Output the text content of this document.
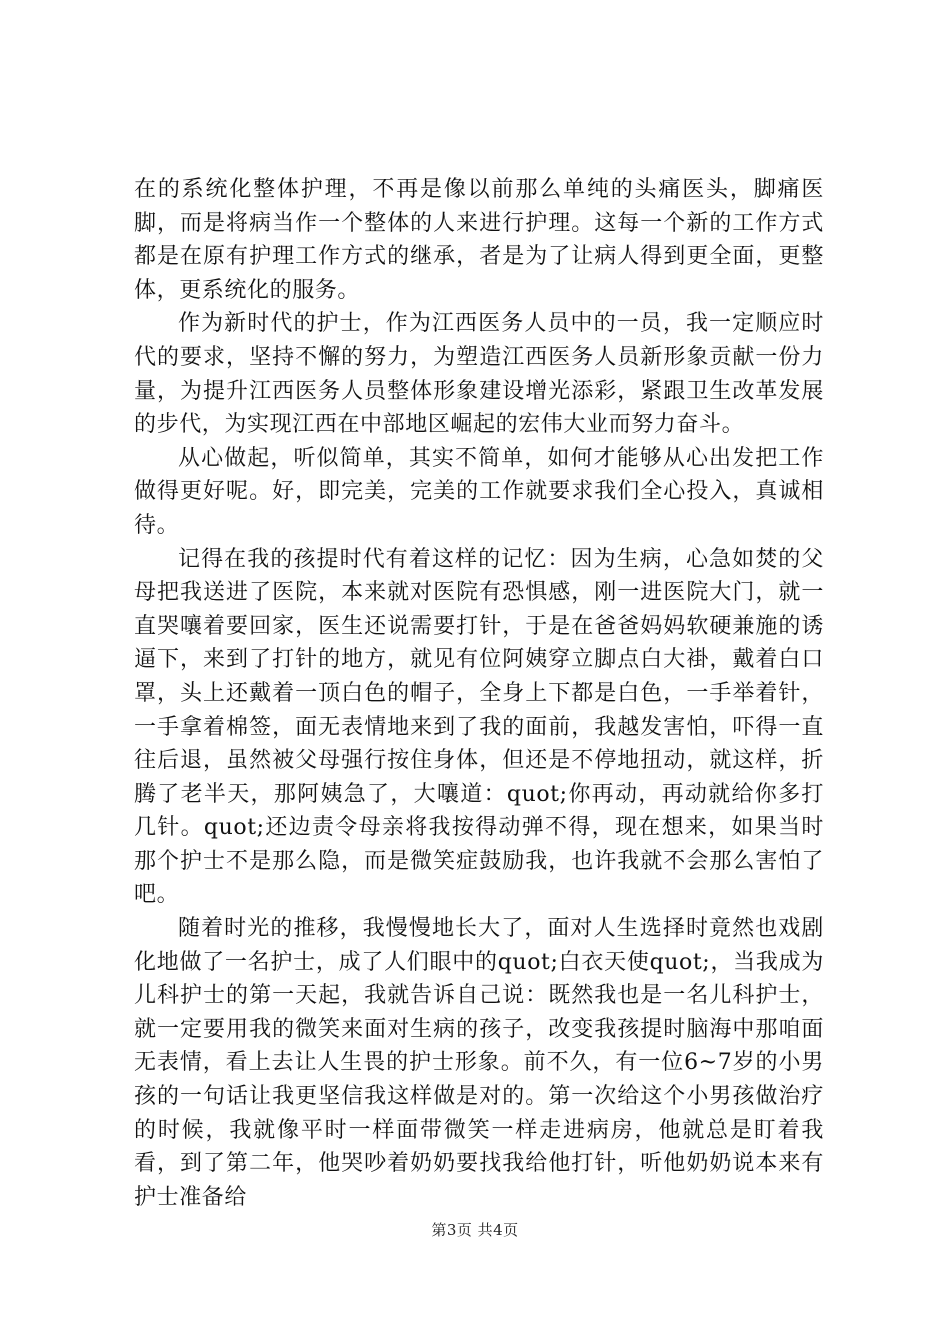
在的系统化整体护理，不再是像以前那么单纯的头痛医头，脚痛医脚，而是将病当作一个整体的人来进行护理。这每一个新的工作方式都是在原有护理工作方式的继承，者是为了让病人得到更全面，更整体，更系统化的服务。

作为新时代的护士，作为江西医务人员中的一员，我一定顺应时代的要求，坚持不懈的努力，为塑造江西医务人员新形象贡献一份力量，为提升江西医务人员整体形象建设增光添彩，紧跟卫生改革发展的步代，为实现江西在中部地区崛起的宏伟大业而努力奋斗。

从心做起，听似简单，其实不简单，如何才能够从心出发把工作做得更好呢。好，即完美，完美的工作就要求我们全心投入，真诚相待。

记得在我的孩提时代有着这样的记忆：因为生病，心急如焚的父母把我送进了医院，本来就对医院有恐惧感，刚一进医院大门，就一直哭嚷着要回家，医生还说需要打针，于是在爸爸妈妈软硬兼施的诱逼下，来到了打针的地方，就见有位阿姨穿立脚点白大褂，戴着白口罩，头上还戴着一顶白色的帽子，全身上下都是白色，一手举着针，一手拿着棉签，面无表情地来到了我的面前，我越发害怕，吓得一直往后退，虽然被父母强行按住身体，但还是不停地扭动，就这样，折腾了老半天，那阿姨急了，大嚷道：quot;你再动，再动就给你多打几针。quot;还边责令母亲将我按得动弹不得，现在想来，如果当时那个护士不是那么隐，而是微笑症鼓励我，也许我就不会那么害怕了吧。

随着时光的推移，我慢慢地长大了，面对人生选择时竟然也戏剧化地做了一名护士，成了人们眼中的quot;白衣天使quot;，当我成为儿科护士的第一天起，我就告诉自己说：既然我也是一名儿科护士，就一定要用我的微笑来面对生病的孩子，改变我孩提时脑海中那咱面无表情，看上去让人生畏的护士形象。前不久，有一位6~7岁的小男孩的一句话让我更坚信我这样做是对的。第一次给这个小男孩做治疗的时候，我就像平时一样面带微笑一样走进病房，他就总是盯着我看，到了第二年，他哭吵着奶奶要找我给他打针，听他奶奶说本来有护士准备给

第3页 共4页
